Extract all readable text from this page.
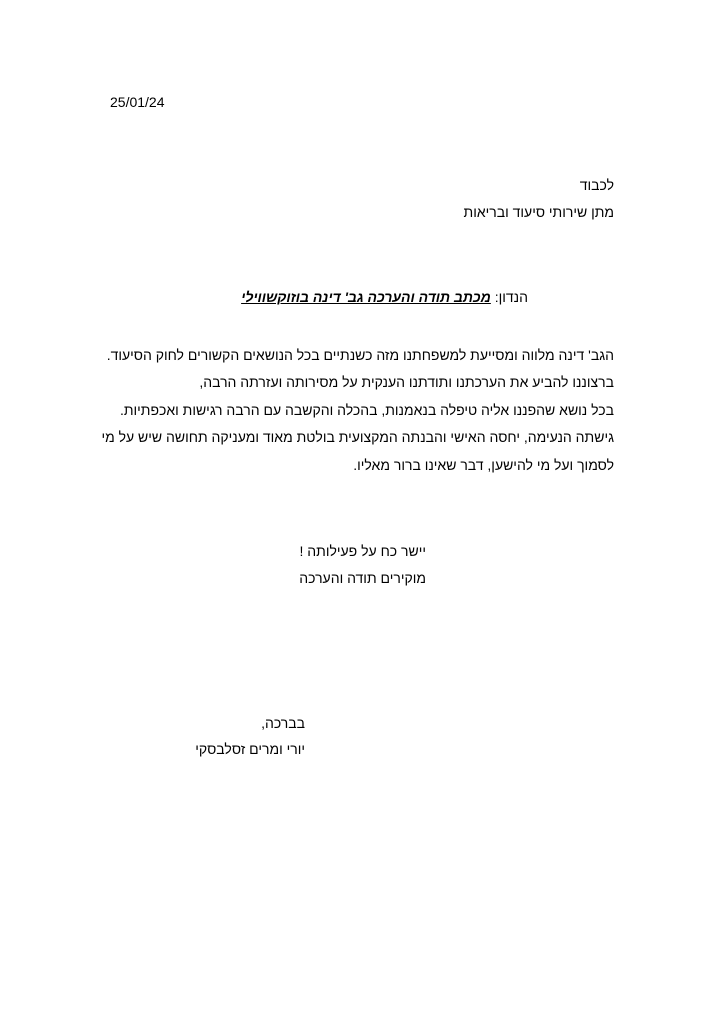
25/01/24
לכבוד
מתן שירותי סיעוד ובריאות
הנדון: מכתב תודה והערכה גב' דינה בוזוקשווילי
הגב' דינה מלווה ומסייעת למשפחתנו מזה כשנתיים בכל הנושאים הקשורים לחוק הסיעוד.
ברצוננו להביע את הערכתנו ותודתנו הענקית על מסירותה ועזרתה הרבה,
בכל נושא שהפננו אליה טיפלה בנאמנות, בהכלה והקשבה עם הרבה רגישות ואכפתיות.
גישתה הנעימה, יחסה האישי והבנתה המקצועית בולטת מאוד ומעניקה תחושה שיש על מי
לסמוך ועל מי להישען, דבר שאינו ברור מאליו.
יישר כח על פעילותה !
מוקירים תודה והערכה
בברכה,
יורי ומרים זסלבסקי
